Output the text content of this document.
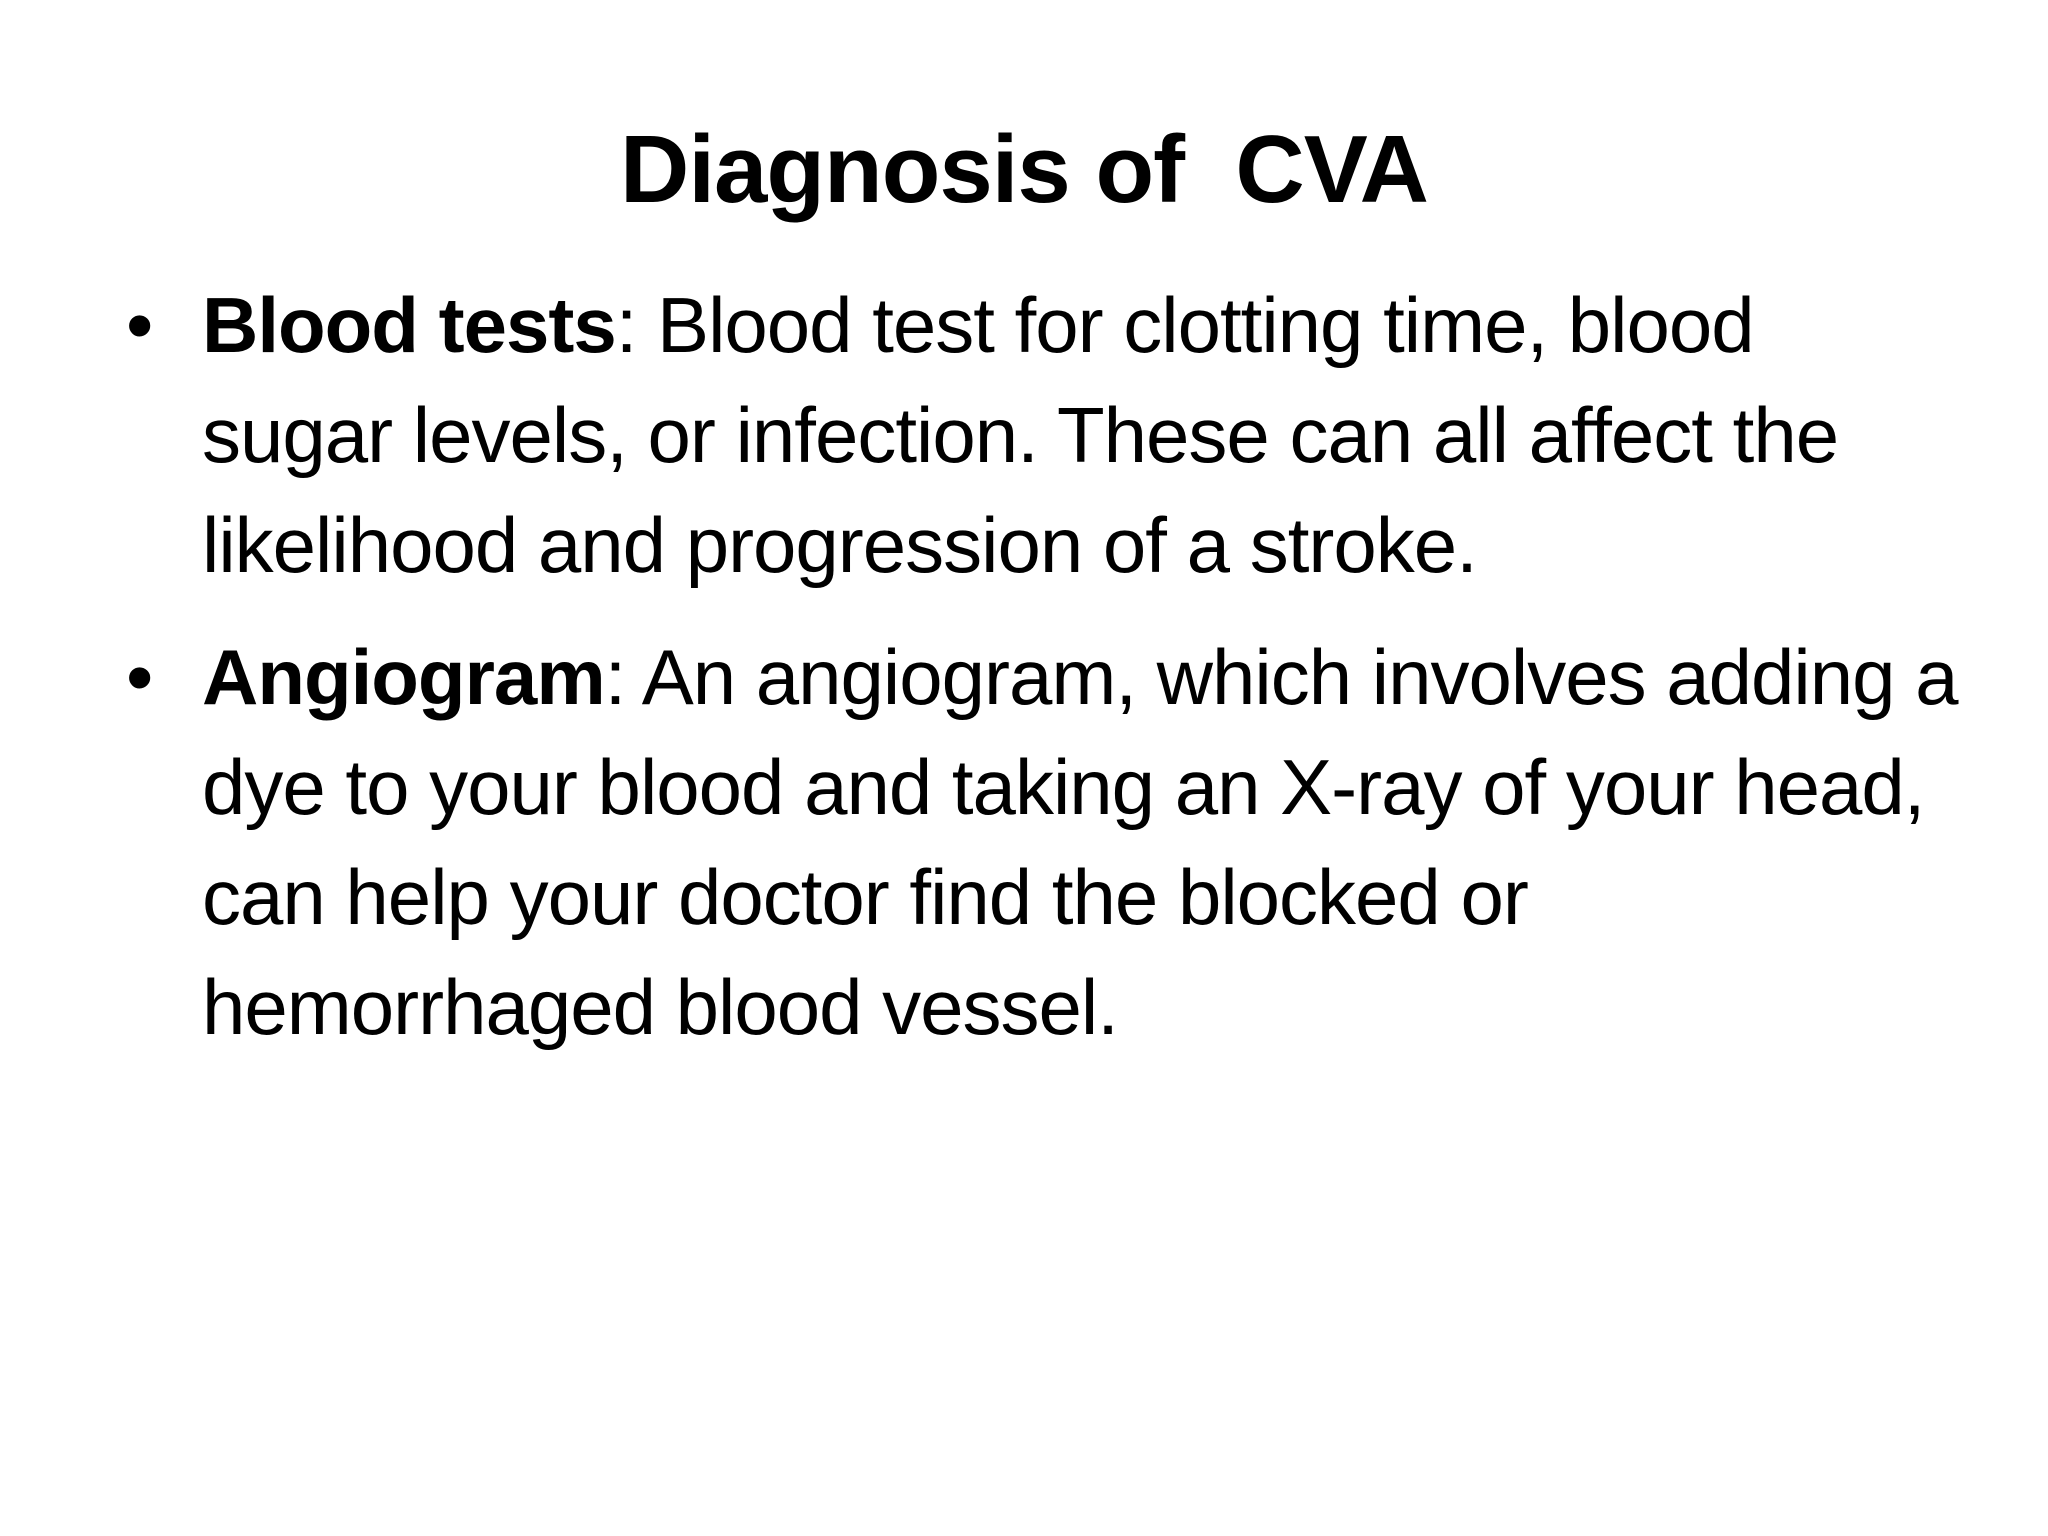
Diagnosis of  CVA
• Blood tests: Blood test for clotting time, blood sugar levels, or infection. These can all affect the likelihood and progression of a stroke.
• Angiogram: An angiogram, which involves adding a dye to your blood and taking an X-ray of your head, can help your doctor find the blocked or hemorrhaged blood vessel.
